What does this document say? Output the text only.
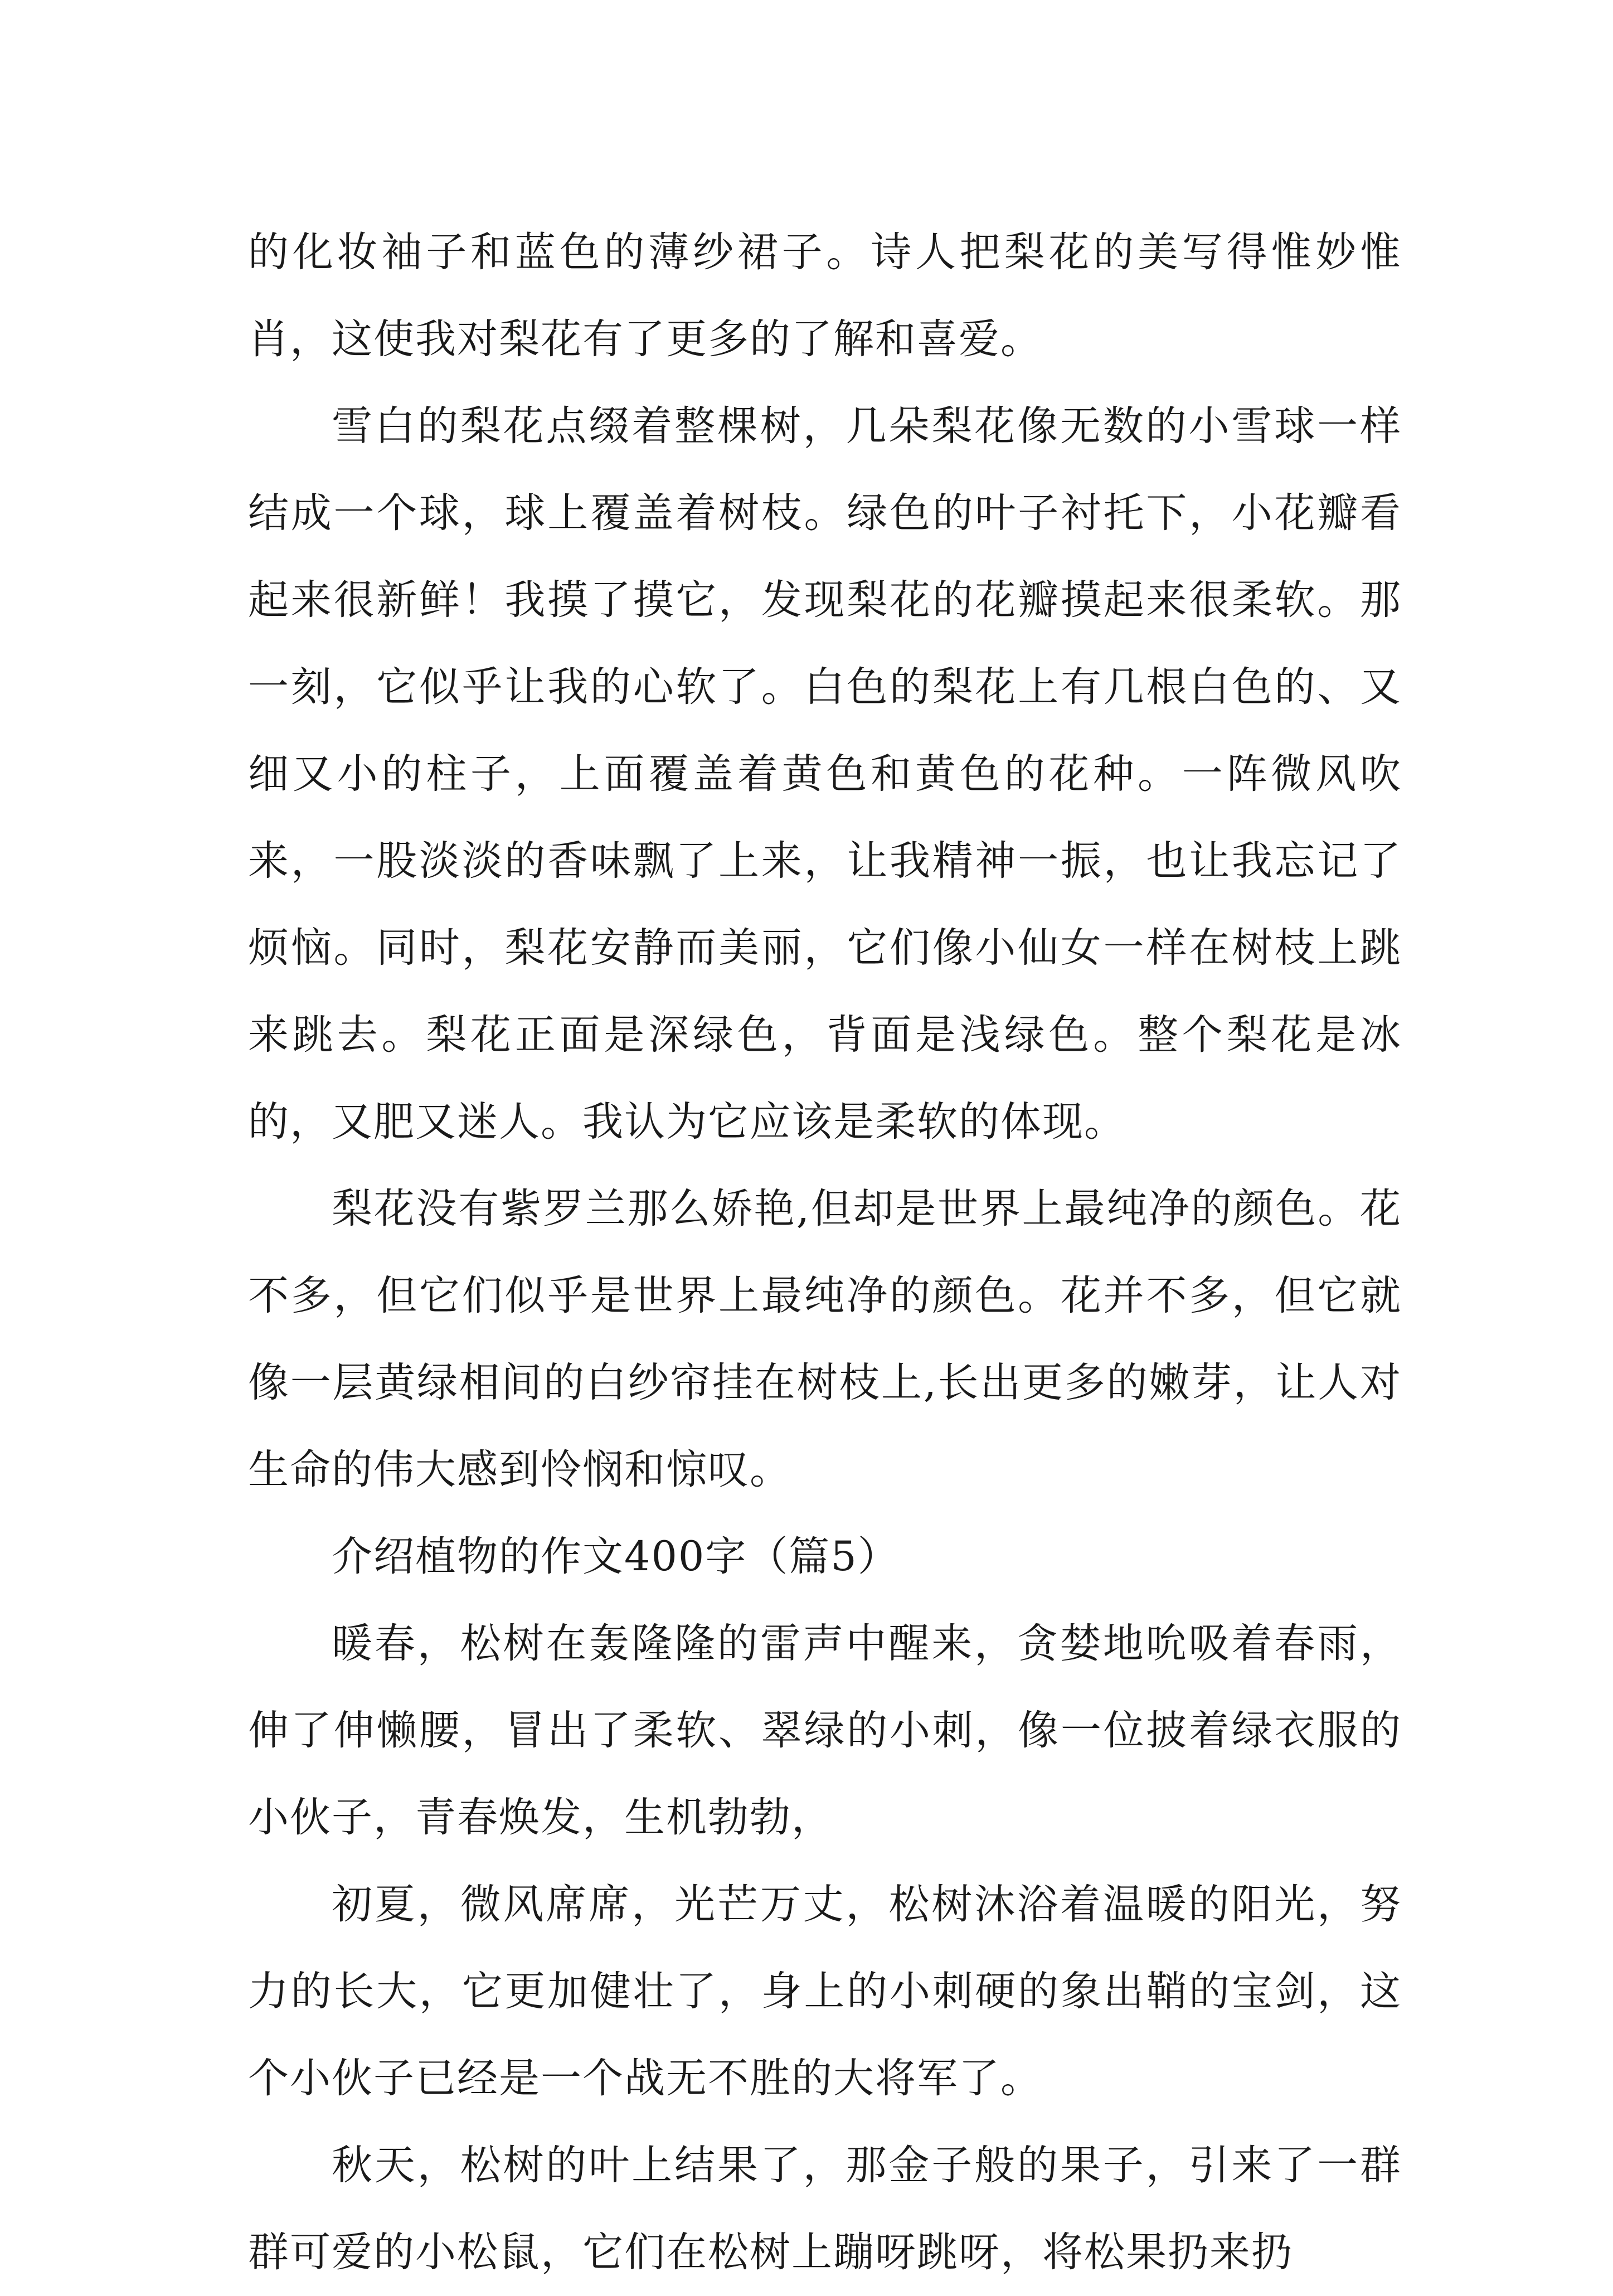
的化妆袖子和蓝色的薄纱裙子。诗人把梨花的美写得惟妙惟肖，这使我对梨花有了更多的了解和喜爱。

雪白的梨花点缀着整棵树，几朵梨花像无数的小雪球一样结成一个球，球上覆盖着树枝。绿色的叶子衬托下，小花瓣看起来很新鲜！我摸了摸它，发现梨花的花瓣摸起来很柔软。那一刻，它似乎让我的心软了。白色的梨花上有几根白色的、又细又小的柱子，上面覆盖着黄色和黄色的花种。一阵微风吹来，一股淡淡的香味飘了上来，让我精神一振，也让我忘记了烦恼。同时，梨花安静而美丽，它们像小仙女一样在树枝上跳来跳去。梨花正面是深绿色，背面是浅绿色。整个梨花是冰的，又肥又迷人。我认为它应该是柔软的体现。

梨花没有紫罗兰那么娇艳,但却是世界上最纯净的颜色。花不多，但它们似乎是世界上最纯净的颜色。花并不多，但它就像一层黄绿相间的白纱帘挂在树枝上,长出更多的嫩芽，让人对生命的伟大感到怜悯和惊叹。

介绍植物的作文400字（篇5）

暖春，松树在轰隆隆的雷声中醒来，贪婪地吮吸着春雨，伸了伸懒腰，冒出了柔软、翠绿的小刺，像一位披着绿衣服的小伙子，青春焕发，生机勃勃，

初夏，微风席席，光芒万丈，松树沐浴着温暖的阳光，努力的长大，它更加健壮了，身上的小刺硬的象出鞘的宝剑，这个小伙子已经是一个战无不胜的大将军了。

秋天，松树的叶上结果了，那金子般的果子，引来了一群群可爱的小松鼠，它们在松树上蹦呀跳呀，将松果扔来扔
